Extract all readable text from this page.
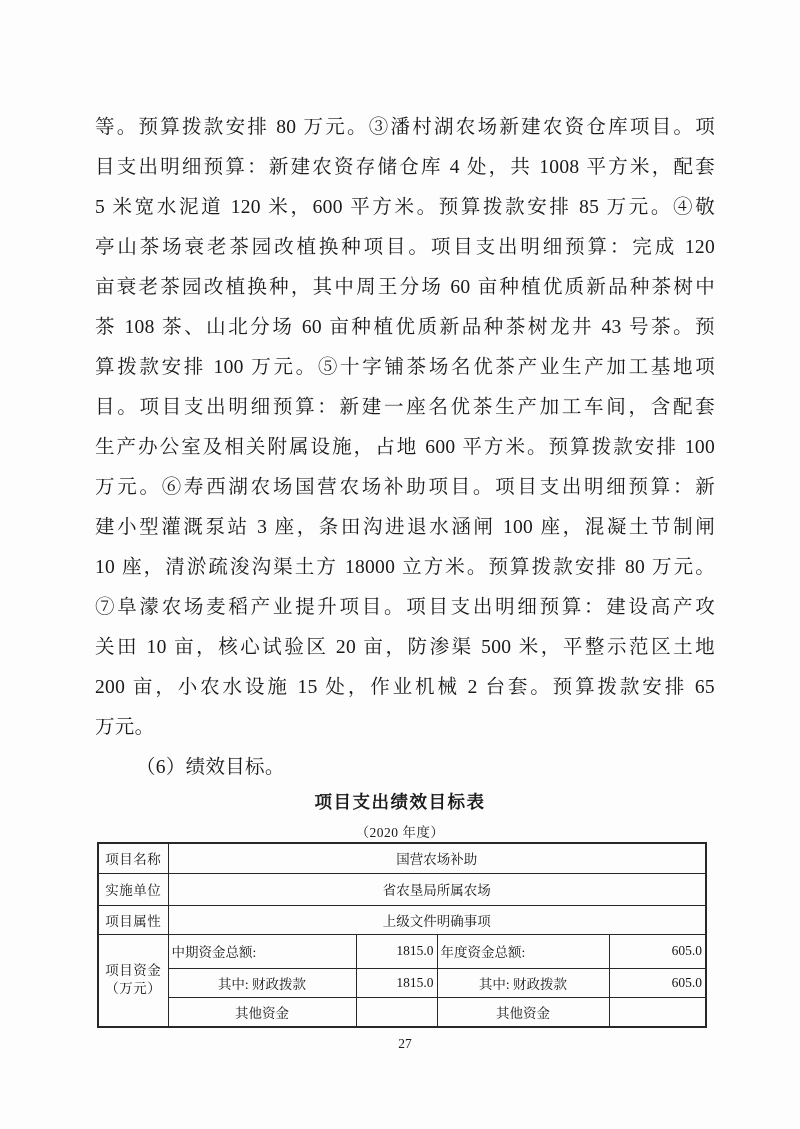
等。预算拨款安排 80 万元。③潘村湖农场新建农资仓库项目。项
目支出明细预算：新建农资存储仓库 4 处，共 1008 平方米，配套
5 米宽水泥道 120 米，600 平方米。预算拨款安排 85 万元。④敬
亭山茶场衰老茶园改植换种项目。项目支出明细预算：完成 120
亩衰老茶园改植换种，其中周王分场 60 亩种植优质新品种茶树中
茶 108 茶、山北分场 60 亩种植优质新品种茶树龙井 43 号茶。预
算拨款安排 100 万元。⑤十字铺茶场名优茶产业生产加工基地项
目。项目支出明细预算：新建一座名优茶生产加工车间，含配套
生产办公室及相关附属设施，占地 600 平方米。预算拨款安排 100
万元。⑥寿西湖农场国营农场补助项目。项目支出明细预算：新
建小型灌溉泵站 3 座，条田沟进退水涵闸 100 座，混凝土节制闸
10 座，清淤疏浚沟渠土方 18000 立方米。预算拨款安排 80 万元。
⑦阜濛农场麦稻产业提升项目。项目支出明细预算：建设高产攻
关田 10 亩，核心试验区 20 亩，防渗渠 500 米，平整示范区土地
200 亩，小农水设施 15 处，作业机械 2 台套。预算拨款安排 65
万元。
（6）绩效目标。
项目支出绩效目标表
（2020 年度）
项目名称	国营农场补助			
实施单位	省农垦局所属农场			
项目属性	上级文件明确事项			

项目资金
（万元）	中期资金总额:	1815.0	年度资金总额:	605.0
	其中: 财政拨款	1815.0	其中: 财政拨款	605.0
	其他资金		其他资金	
27
